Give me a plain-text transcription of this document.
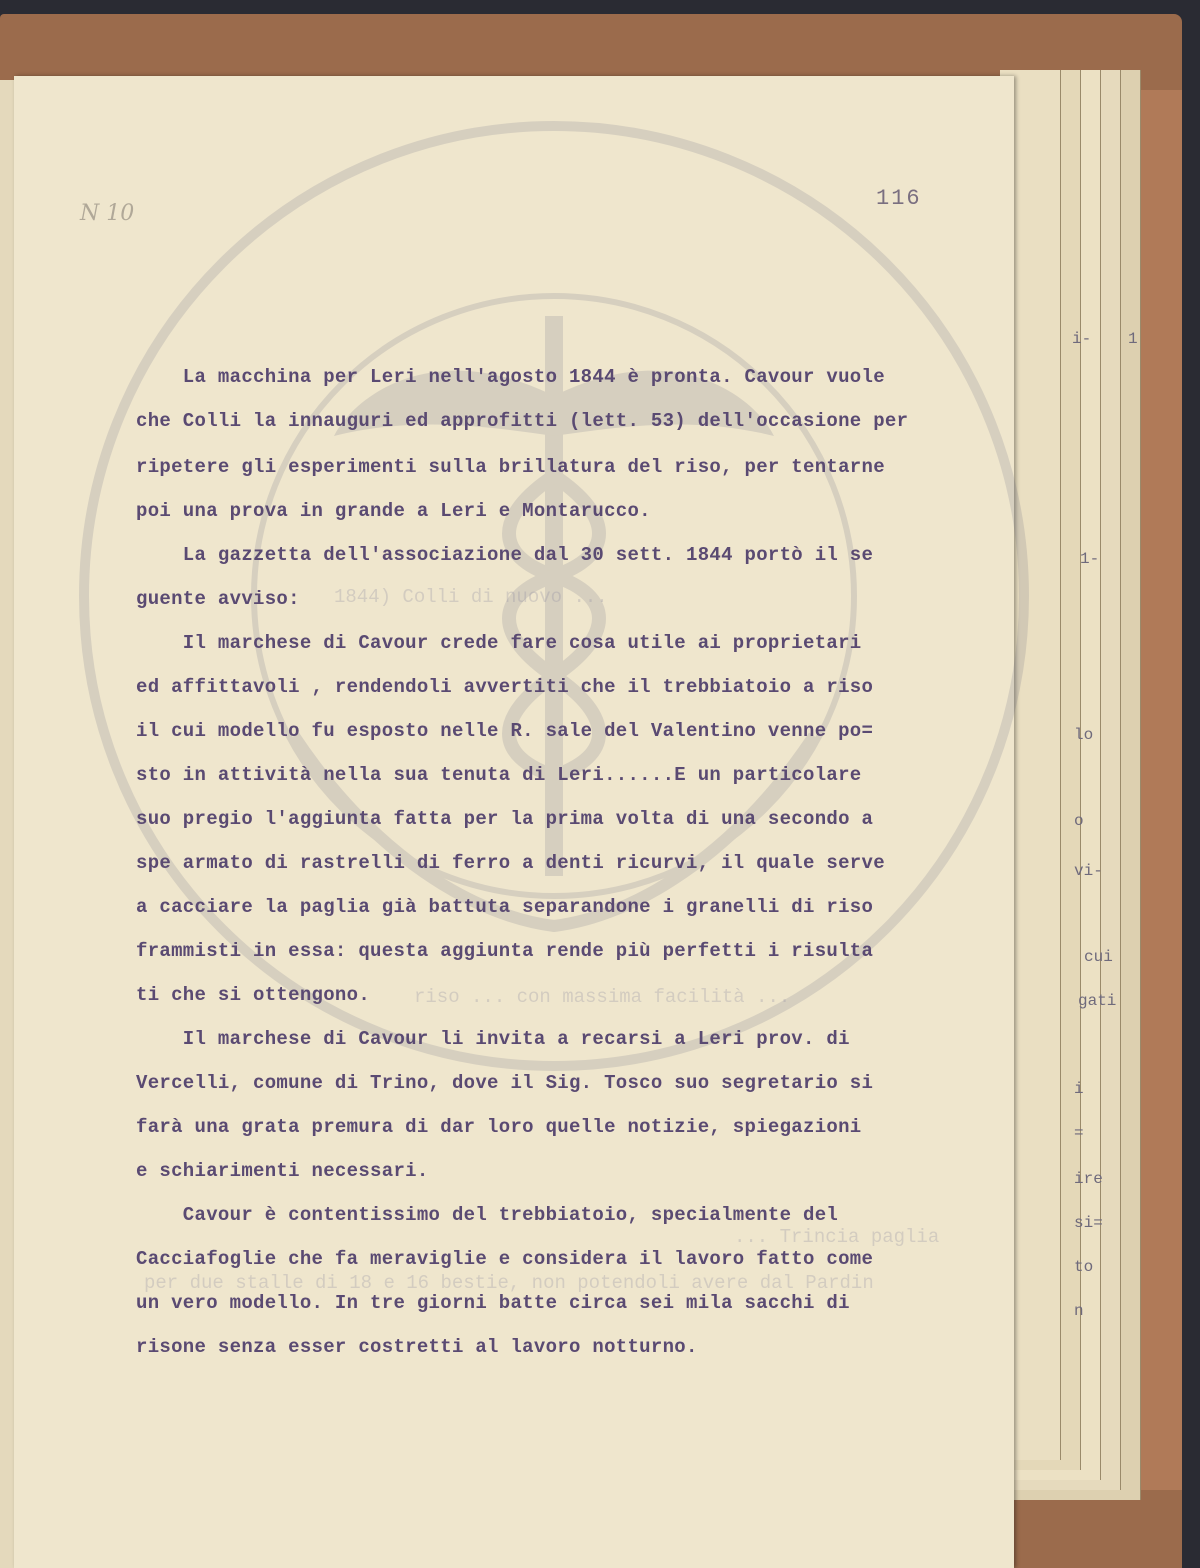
N 10
116
1844) Colli di nuovo ...
riso ... con massima facilità ...
... Trincia paglia
per due stalle di 18 e 16 bestie, non potendoli avere dal Pardin
La macchina per Leri nell'agosto 1844 è pronta. Cavour vuole
che Colli la innauguri ed approfitti (lett. 53) dell'occasione per
ripetere gli esperimenti sulla brillatura del riso, per tentarne
poi una prova in grande a Leri e Montarucco.
La gazzetta dell'associazione dal 30 sett. 1844 portò il se
guente avviso:
Il marchese di Cavour crede fare cosa utile ai proprietari
ed affittavoli , rendendoli avvertiti che il trebbiatoio a riso
il cui modello fu esposto nelle R. sale del Valentino venne po=
sto in attività nella sua tenuta di Leri......E un particolare
suo pregio l'aggiunta fatta per la prima volta di una secondo a
spe armato di rastrelli di ferro a denti ricurvi, il quale serve
a cacciare la paglia già battuta separandone i granelli di riso
frammisti in essa: questa aggiunta rende più perfetti i risulta
ti che si ottengono.
Il marchese di Cavour li invita a recarsi a Leri prov. di
Vercelli, comune di Trino, dove il Sig. Tosco suo segretario si
farà una grata premura di dar loro quelle notizie, spiegazioni
e schiarimenti necessari.
Cavour è contentissimo del trebbiatoio, specialmente del
Cacciafoglie che fa meraviglie e considera il lavoro fatto come
un vero modello. In tre giorni batte circa sei mila sacchi di
risone senza esser costretti al lavoro notturno.
i- 1
1-
lo
o
vi-
cui
gati
i
=
ire
si=
to
n
